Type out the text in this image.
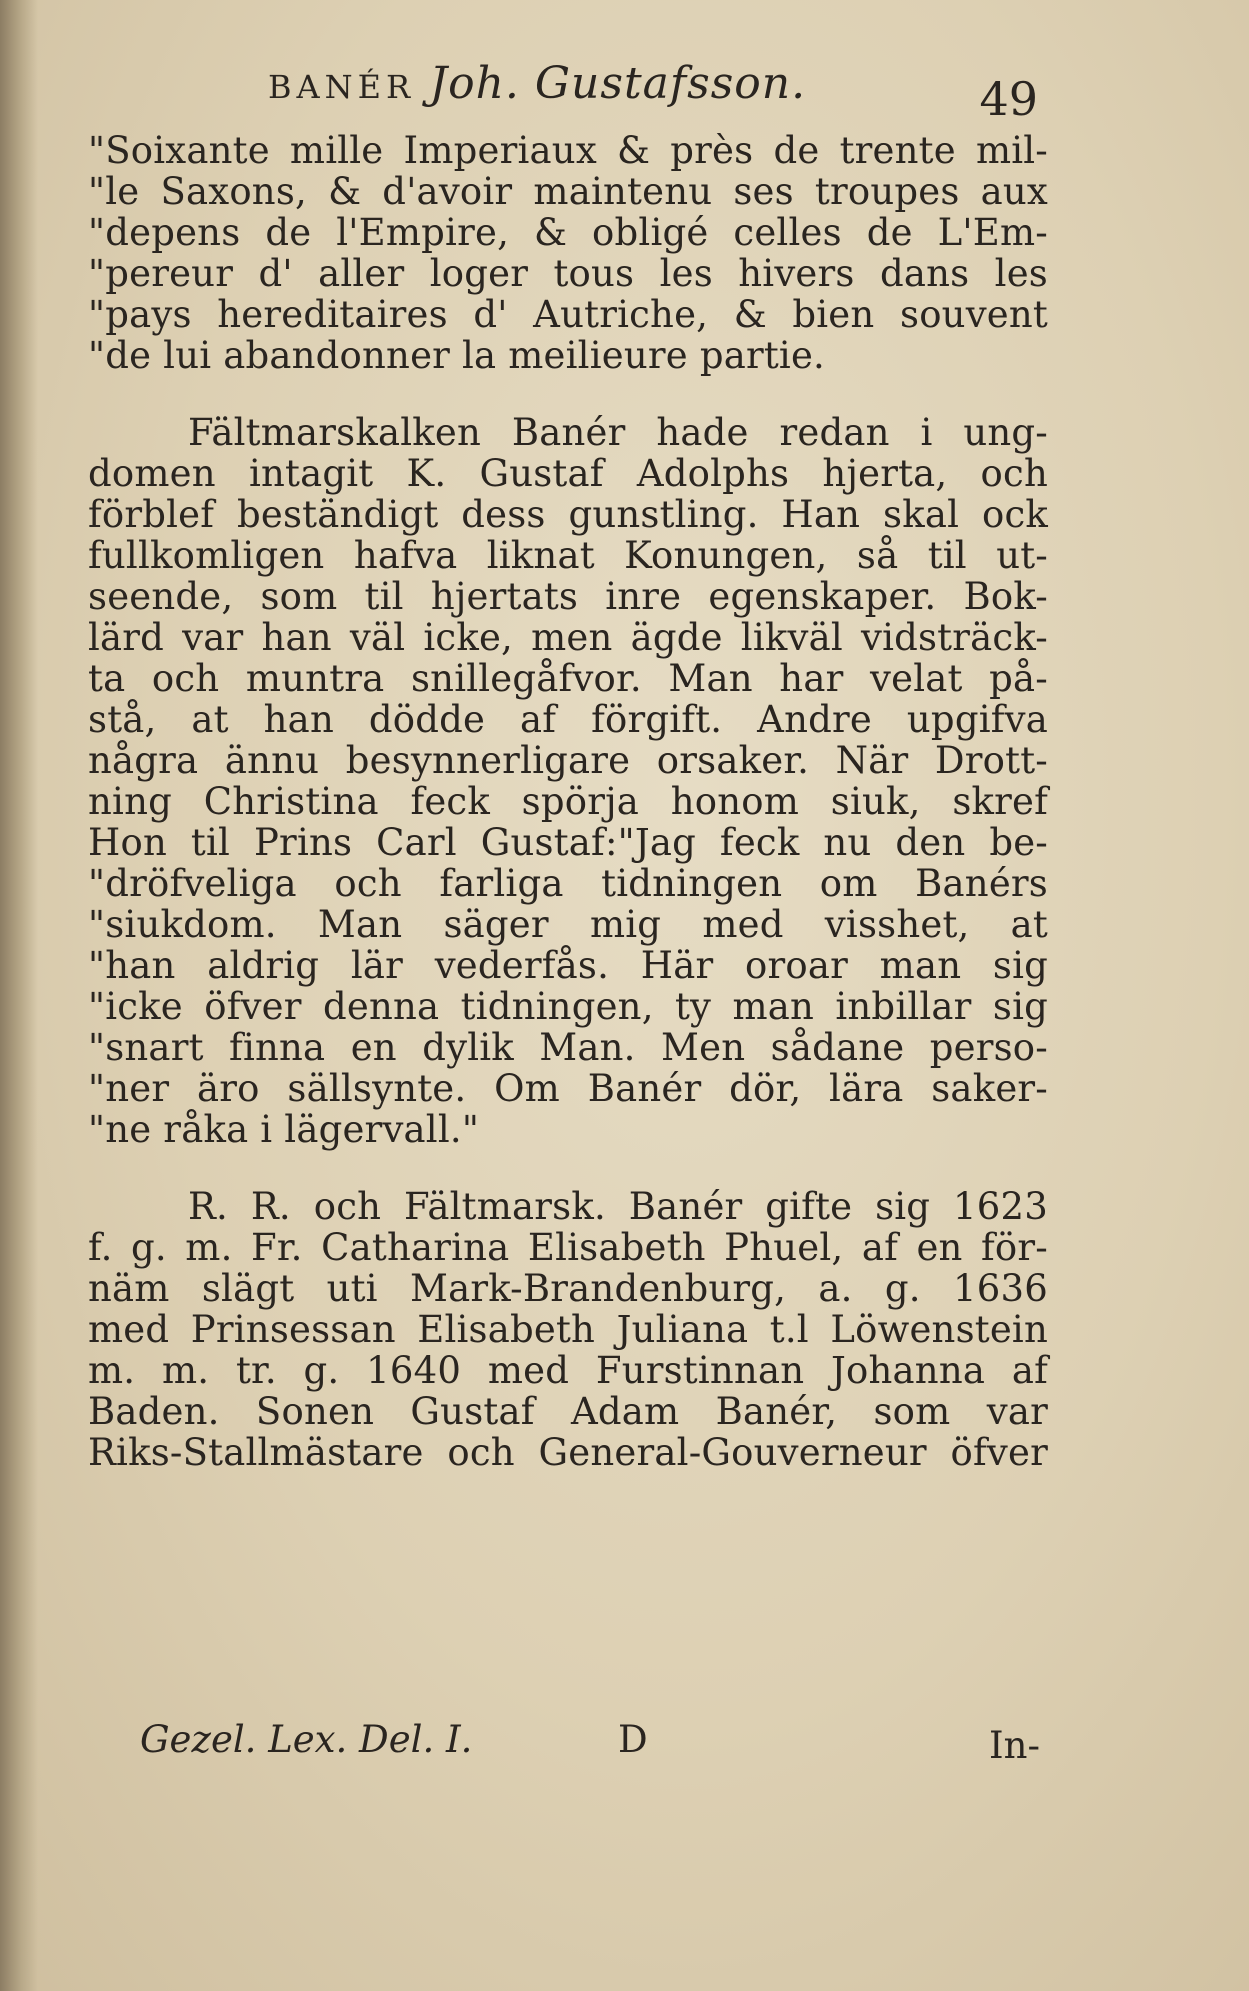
BANÉR Joh. Gustafsson.	49
"Soixante mille Imperiaux & près de trente mil-
"le Saxons, & d'avoir maintenu ses troupes aux
"depens de l'Empire, & obligé celles de L'Em-
"pereur d' aller loger tous les hivers dans les
"pays hereditaires d' Autriche, & bien souvent
"de lui abandonner la meilieure partie.
Fältmarskalken Banér hade redan i ung-
domen intagit K. Gustaf Adolphs hjerta, och
förblef beständigt dess gunstling. Han skal ock
fullkomligen hafva liknat Konungen, så til ut-
seende, som til hjertats inre egenskaper. Bok-
lärd var han väl icke, men ägde likväl vidsträck-
ta och muntra snillegåfvor. Man har velat på-
stå, at han dödde af förgift. Andre upgifva
några ännu besynnerligare orsaker. När Drott-
ning Christina feck spörja honom siuk, skref
Hon til Prins Carl Gustaf:"Jag feck nu den be-
"dröfveliga och farliga tidningen om Banérs
"siukdom. Man säger mig med visshet, at
"han aldrig lär vederfås. Här oroar man sig
"icke öfver denna tidningen, ty man inbillar sig
"snart finna en dylik Man. Men sådane perso-
"ner äro sällsynte. Om Banér dör, lära saker-
"ne råka i lägervall."
R. R. och Fältmarsk. Banér gifte sig 1623
f. g. m. Fr. Catharina Elisabeth Phuel, af en för-
näm slägt uti Mark-Brandenburg, a. g. 1636
med Prinsessan Elisabeth Juliana t.l Löwenstein
m. m. tr. g. 1640 med Furstinnan Johanna af
Baden. Sonen Gustaf Adam Banér, som var
Riks-Stallmästare och General-Gouverneur öfver
Gezel. Lex. Del. I.	D	In-
